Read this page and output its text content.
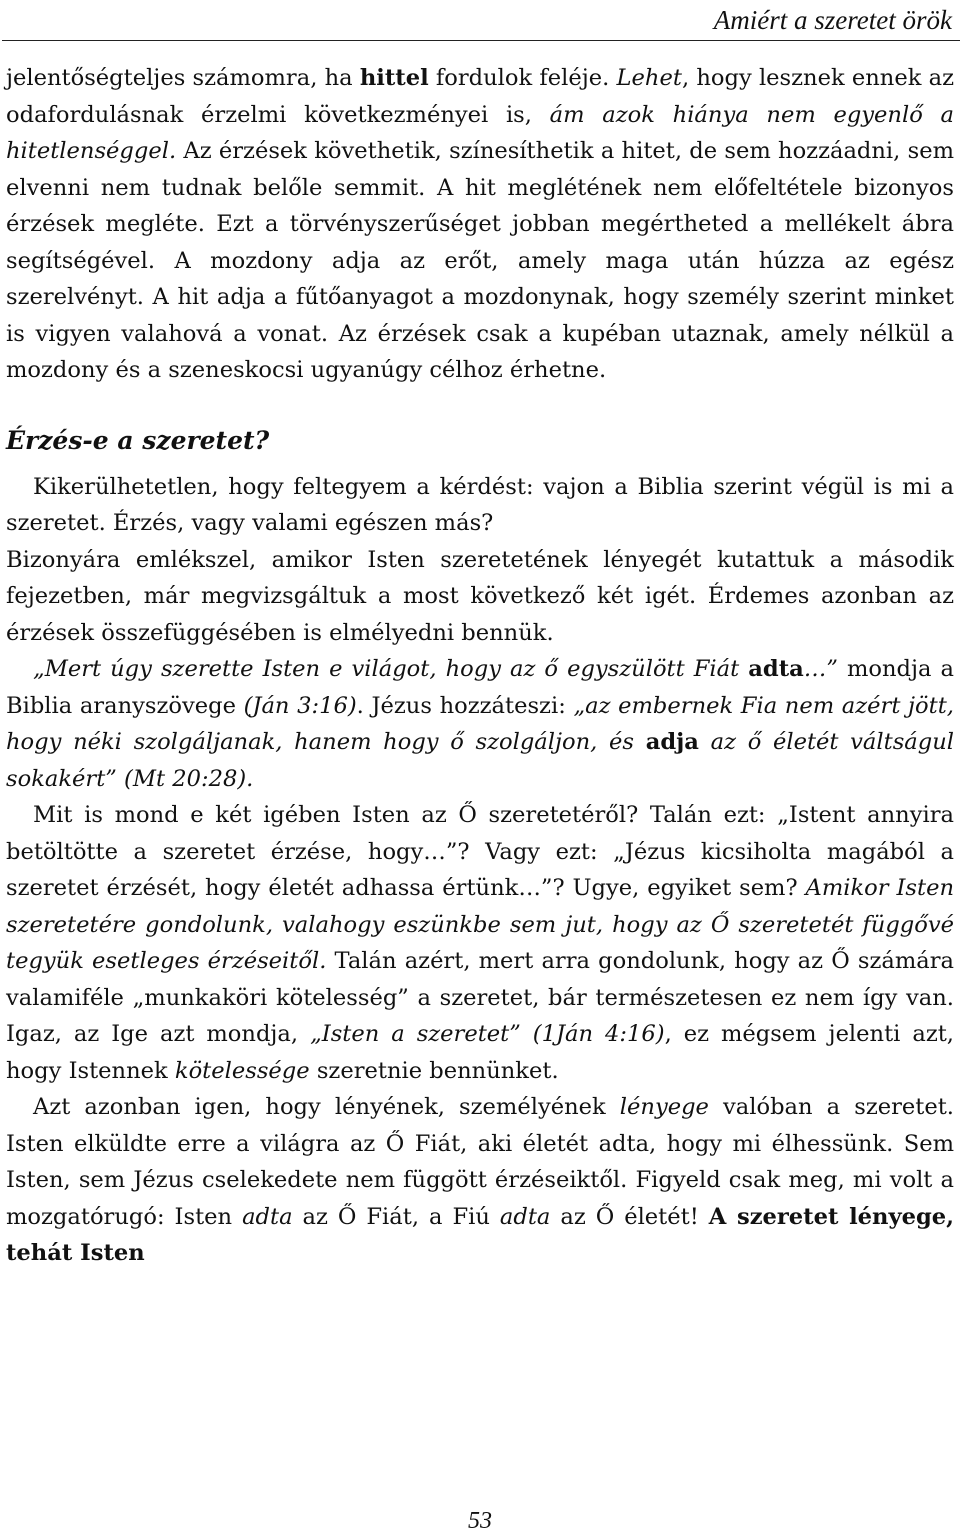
Amiért a szeretet örök

jelentőségteljes számomra, ha hittel fordulok feléje. Lehet, hogy lesznek ennek az odafordulásnak érzelmi következményei is, ám azok hiánya nem egyenlő a hitetlenséggel. Az érzések követhetik, színesíthetik a hitet, de sem hozzáadni, sem elvenni nem tudnak belőle semmit. A hit meglétének nem előfeltétele bizonyos érzések megléte. Ezt a törvényszerűséget jobban megértheted a mellékelt ábra segítségével. A mozdony adja az erőt, amely maga után húzza az egész szerelvényt. A hit adja a fűtőanyagot a mozdonynak, hogy személy szerint minket is vigyen valahová a vonat. Az érzések csak a kupéban utaznak, amely nélkül a mozdony és a szeneskocsi ugyanúgy célhoz érhetne.

Érzés-e a szeretet?

Kikerülhetetlen, hogy feltegyem a kérdést: vajon a Biblia szerint végül is mi a szeretet. Érzés, vagy valami egészen más?

Bizonyára emlékszel, amikor Isten szeretetének lényegét kutattuk a második fejezetben, már megvizsgáltuk a most következő két igét. Érdemes azonban az érzések összefüggésében is elmélyedni bennük.

„Mert úgy szerette Isten e világot, hogy az ő egyszülött Fiát adta…” mondja a Biblia aranyszövege (Ján 3:16). Jézus hozzáteszi: „az embernek Fia nem azért jött, hogy néki szolgáljanak, hanem hogy ő szolgáljon, és adja az ő életét váltságul sokakért” (Mt 20:28).

Mit is mond e két igében Isten az Ő szeretetéről? Talán ezt: „Istent annyira betöltötte a szeretet érzése, hogy…”? Vagy ezt: „Jézus kicsiholta magából a szeretet érzését, hogy életét adhassa értünk…”? Ugye, egyiket sem? Amikor Isten szeretetére gondolunk, valahogy eszünkbe sem jut, hogy az Ő szeretetét függővé tegyük esetleges érzéseitől. Talán azért, mert arra gondolunk, hogy az Ő számára valamiféle „munkaköri kötelesség” a szeretet, bár természetesen ez nem így van. Igaz, az Ige azt mondja, „Isten a szeretet” (1Ján 4:16), ez mégsem jelenti azt, hogy Istennek kötelessége szeretnie bennünket.

Azt azonban igen, hogy lényének, személyének lényege valóban a szeretet. Isten elküldte erre a világra az Ő Fiát, aki életét adta, hogy mi élhessünk. Sem Isten, sem Jézus cselekedete nem függött érzéseiktől. Figyeld csak meg, mi volt a mozgatórugó: Isten adta az Ő Fiát, a Fiú adta az Ő életét! A szeretet lényege, tehát Isten

53
